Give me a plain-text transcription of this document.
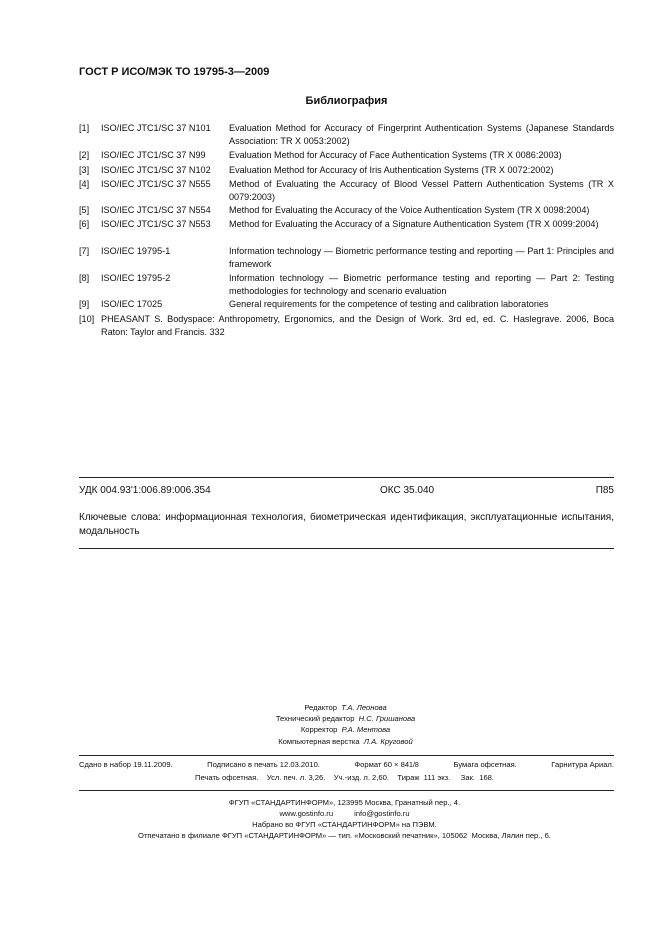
ГОСТ Р ИСО/МЭК ТО 19795-3—2009
Библиография
[1] ISO/IEC JTC1/SC 37 N101 Evaluation Method for Accuracy of Fingerprint Authentication Systems (Japanese Standards Association: TR X 0053:2002)
[2] ISO/IEC JTC1/SC 37 N99	Evaluation Method for Accuracy of Face Authentication Systems (TR X 0086:2003)
[3] ISO/IEC JTC1/SC 37 N102 Evaluation Method for Accuracy of Iris Authentication Systems (TR X 0072:2002)
[4] ISO/IEC JTC1/SC 37 N555 Method of Evaluating the Accuracy of Blood Vessel Pattern Authentication Systems (TR X 0079:2003)
[5] ISO/IEC JTC1/SC 37 N554 Method for Evaluating the Accuracy of the Voice Authentication System (TR X 0098:2004)
[6] ISO/IEC JTC1/SC 37 N553 Method for Evaluating the Accuracy of a Signature Authentication System (TR X 0099:2004)
[7] ISO/IEC 19795-1	Information technology — Biometric performance testing and reporting — Part 1: Principles and framework
[8] ISO/IEC 19795-2	Information technology — Biometric performance testing and reporting — Part 2: Testing methodologies for technology and scenario evaluation
[9] ISO/IEC 17025	General requirements for the competence of testing and calibration laboratories
[10] PHEASANT S. Bodyspace: Anthropometry, Ergonomics, and the Design of Work. 3rd ed, ed. C. Haslegrave. 2006, Boca Raton: Taylor and Francis. 332
УДК 004.93'1:006.89:006.354	ОКС 35.040	П85
Ключевые слова: информационная технология, биометрическая идентификация, эксплуатационные испытания, модальность
Редактор Т.А. Леонова
Технический редактор Н.С. Гришанова
Корректор Р.А. Ментова
Компьютерная верстка Л.А. Круговой
Сдано в набор 19.11.2009.	Подписано в печать 12.03.2010.	Формат 60 × 841/8	Бумага офсетная.	Гарнитура Ариал.
Печать офсетная.    Усл. печ. л. 3,26.    Уч.-изд. л. 2,60.    Тираж  111 экз.     Зак.  168.
ФГУП «СТАНДАРТИНФОРМ», 123995 Москва, Гранатный пер., 4.
www.gostinfo.ru          info@gostinfo.ru
Набрано во ФГУП «СТАНДАРТИНФОРМ» на ПЭВМ.
Отпечатано в филиале ФГУП «СТАНДАРТИНФОРМ» — тип. «Московский печатник», 105062  Москва, Лялин пер., 6.
